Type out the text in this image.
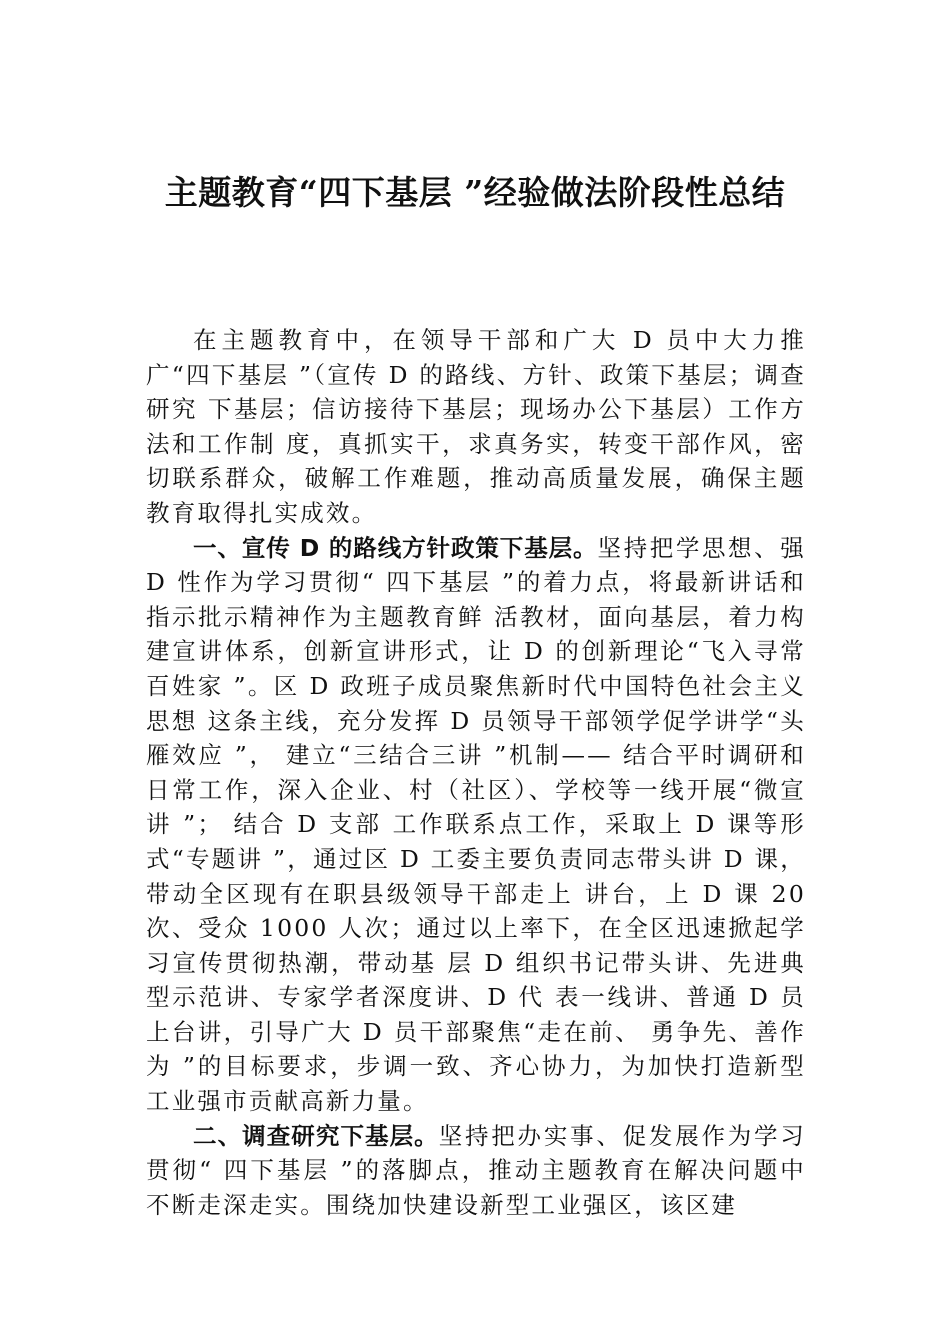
主题教育“四下基层 ”经验做法阶段性总结

在主题教育中，在领导干部和广大 D 员中大力推 广“四下基层 ”（宣传 D 的路线、方针、政策下基层；调查研究 下基层；信访接待下基层；现场办公下基层）工作方法和工作制 度，真抓实干，求真务实，转变干部作风，密切联系群众，破解工作难题，推动高质量发展，确保主题教育取得扎实成效。

一、宣传 D 的路线方针政策下基层。坚持把学思想、强 D 性作为学习贯彻“ 四下基层 ”的着力点，将最新讲话和指示批示精神作为主题教育鲜 活教材，面向基层，着力构建宣讲体系，创新宣讲形式，让 D 的创新理论“飞入寻常百姓家 ”。区 D 政班子成员聚焦新时代中国特色社会主义思想 这条主线，充分发挥 D 员领导干部领学促学讲学“头雁效应 ”， 建立“三结合三讲 ”机制—— 结合平时调研和日常工作，深入企业、村（社区）、学校等一线开展“微宣讲 ”； 结合 D 支部 工作联系点工作，采取上 D 课等形式“专题讲 ”，通过区 D 工委主要负责同志带头讲 D 课，带动全区现有在职县级领导干部走上 讲台，上 D 课 20 次、受众 1000 人次；通过以上率下，在全区迅速掀起学习宣传贯彻热潮，带动基 层 D 组织书记带头讲、先进典型示范讲、专家学者深度讲、D 代 表一线讲、普通 D 员上台讲，引导广大 D 员干部聚焦“走在前、 勇争先、善作为 ”的目标要求，步调一致、齐心协力，为加快打造新型工业强市贡献高新力量。

二、调查研究下基层。坚持把办实事、促发展作为学习贯彻“ 四下基层 ”的落脚点，推动主题教育在解决问题中不断走深走实。围绕加快建设新型工业强区，该区建
